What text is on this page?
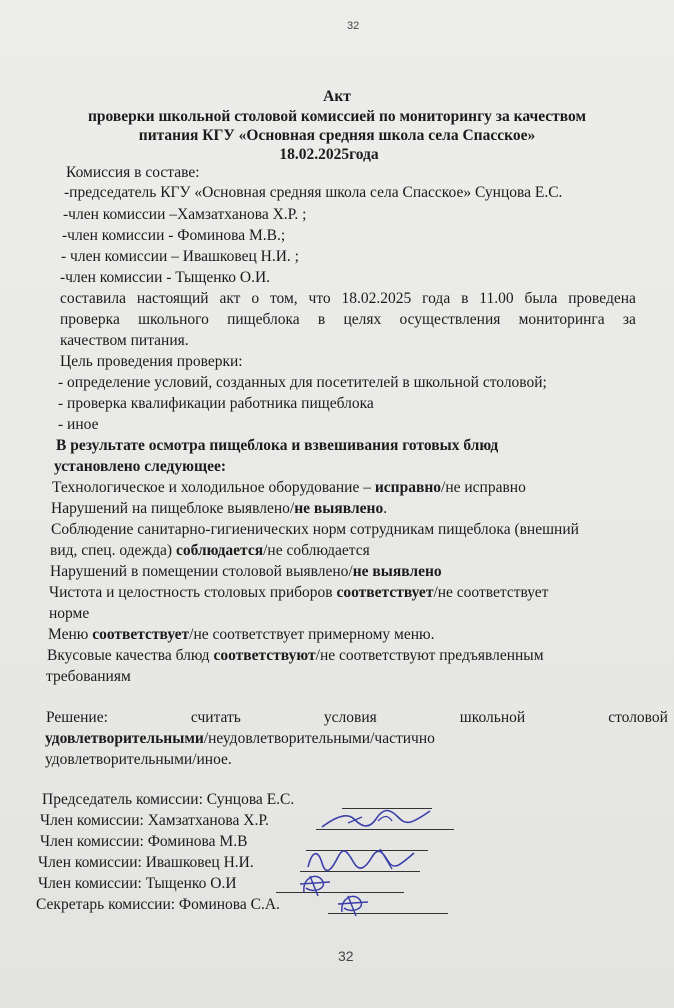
32
Акт
проверки школьной столовой комиссией по мониторингу за качеством
питания КГУ «Основная средняя школа села Спасское»
18.02.2025года
Комиссия в составе:
-председатель КГУ «Основная средняя школа села Спасское» Сунцова Е.С.
-член комиссии –Хамзатханова Х.Р. ;
-член комиссии - Фоминова М.В.;
- член комиссии – Ивашковец Н.И. ;
-член комиссии - Тыщенко О.И.
составила настоящий акт о том, что 18.02.2025 года в 11.00 была проведена
проверка школьного пищеблока в целях осуществления мониторинга за
качеством питания.
Цель проведения проверки:
- определение условий, созданных для посетителей в школьной столовой;
- проверка квалификации работника пищеблока
- иное
В результате осмотра пищеблока и взвешивания готовых блюд
установлено следующее:
Технологическое и холодильное оборудование – исправно/не исправно
Нарушений на пищеблоке выявлено/не выявлено.
Соблюдение санитарно-гигиенических норм сотрудникам пищеблока (внешний
вид, спец. одежда) соблюдается/не соблюдается
Нарушений в помещении столовой выявлено/не выявлено
Чистота и целостность столовых приборов соответствует/не соответствует
норме
Меню соответствует/не соответствует примерному меню.
Вкусовые качества блюд соответствуют/не соответствуют предъявленным
требованиям
Решение:	считать	условия	школьной	столовой
удовлетворительными/неудовлетворительными/частично
удовлетворительными/иное.
Председатель комиссии: Сунцова Е.С.
Член комиссии: Хамзатханова Х.Р.
Член комиссии: Фоминова М.В
Член комиссии: Ивашковец Н.И.
Член комиссии: Тыщенко О.И
Секретарь комиссии: Фоминова С.А.
32
